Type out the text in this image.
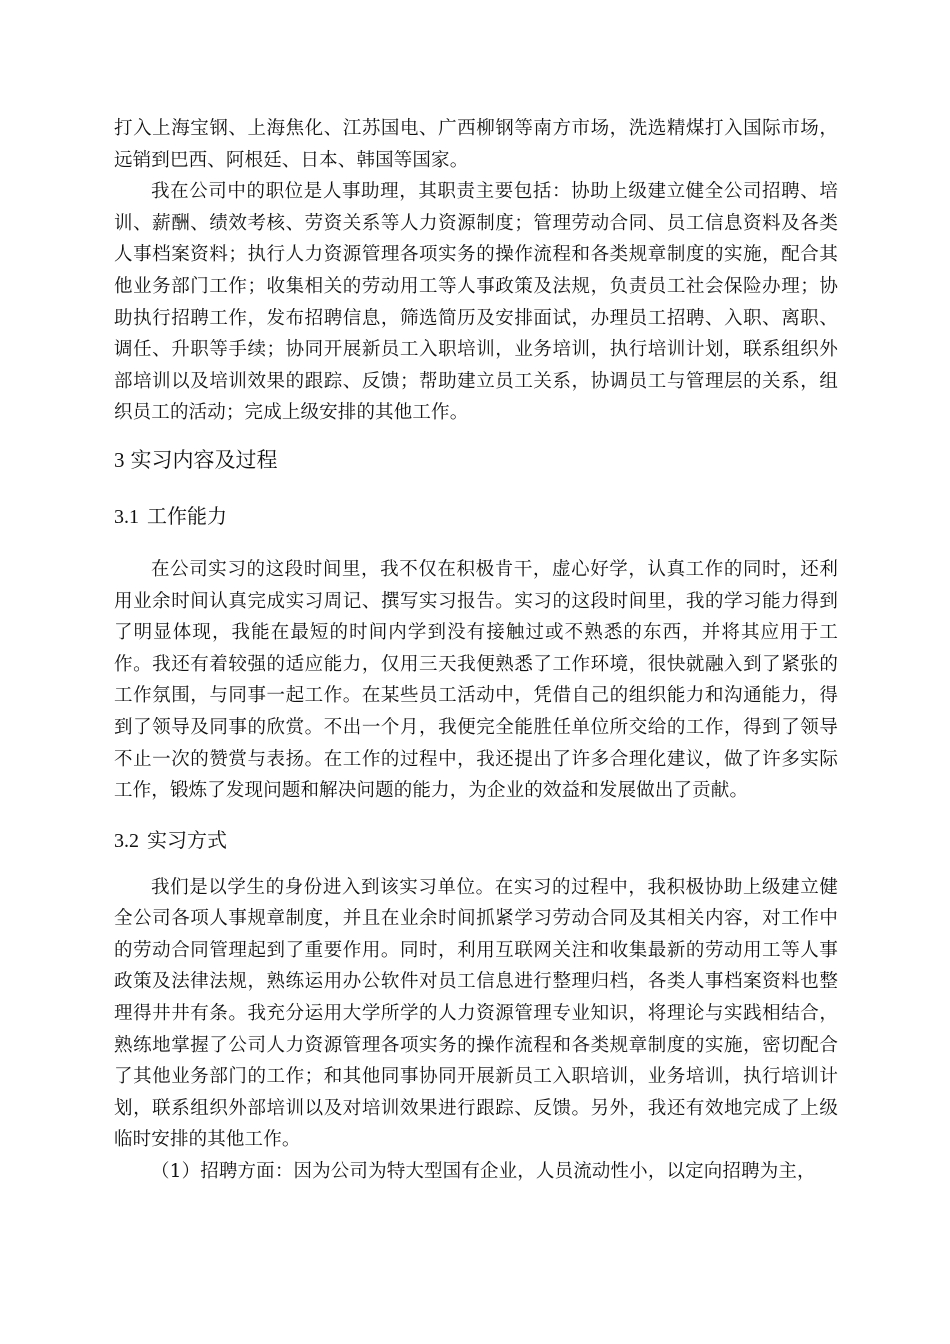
打入上海宝钢、上海焦化、江苏国电、广西柳钢等南方市场，洗选精煤打入国际市场，远销到巴西、阿根廷、日本、韩国等国家。

我在公司中的职位是人事助理，其职责主要包括：协助上级建立健全公司招聘、培训、薪酬、绩效考核、劳资关系等人力资源制度；管理劳动合同、员工信息资料及各类人事档案资料；执行人力资源管理各项实务的操作流程和各类规章制度的实施，配合其他业务部门工作；收集相关的劳动用工等人事政策及法规，负责员工社会保险办理；协助执行招聘工作，发布招聘信息，筛选简历及安排面试，办理员工招聘、入职、离职、调任、升职等手续；协同开展新员工入职培训，业务培训，执行培训计划，联系组织外部培训以及培训效果的跟踪、反馈；帮助建立员工关系，协调员工与管理层的关系，组织员工的活动；完成上级安排的其他工作。

3 实习内容及过程
3.1 工作能力

在公司实习的这段时间里，我不仅在积极肯干，虚心好学，认真工作的同时，还利用业余时间认真完成实习周记、撰写实习报告。实习的这段时间里，我的学习能力得到了明显体现，我能在最短的时间内学到没有接触过或不熟悉的东西，并将其应用于工作。我还有着较强的适应能力，仅用三天我便熟悉了工作环境，很快就融入到了紧张的工作氛围，与同事一起工作。在某些员工活动中，凭借自己的组织能力和沟通能力，得到了领导及同事的欣赏。不出一个月，我便完全能胜任单位所交给的工作，得到了领导不止一次的赞赏与表扬。在工作的过程中，我还提出了许多合理化建议，做了许多实际工作，锻炼了发现问题和解决问题的能力，为企业的效益和发展做出了贡献。

3.2 实习方式

我们是以学生的身份进入到该实习单位。在实习的过程中，我积极协助上级建立健全公司各项人事规章制度，并且在业余时间抓紧学习劳动合同及其相关内容，对工作中的劳动合同管理起到了重要作用。同时，利用互联网关注和收集最新的劳动用工等人事政策及法律法规，熟练运用办公软件对员工信息进行整理归档，各类人事档案资料也整理得井井有条。我充分运用大学所学的人力资源管理专业知识，将理论与实践相结合，熟练地掌握了公司人力资源管理各项实务的操作流程和各类规章制度的实施，密切配合了其他业务部门的工作；和其他同事协同开展新员工入职培训，业务培训，执行培训计划，联系组织外部培训以及对培训效果进行跟踪、反馈。另外，我还有效地完成了上级临时安排的其他工作。

（1）招聘方面：因为公司为特大型国有企业，人员流动性小，以定向招聘为主，
